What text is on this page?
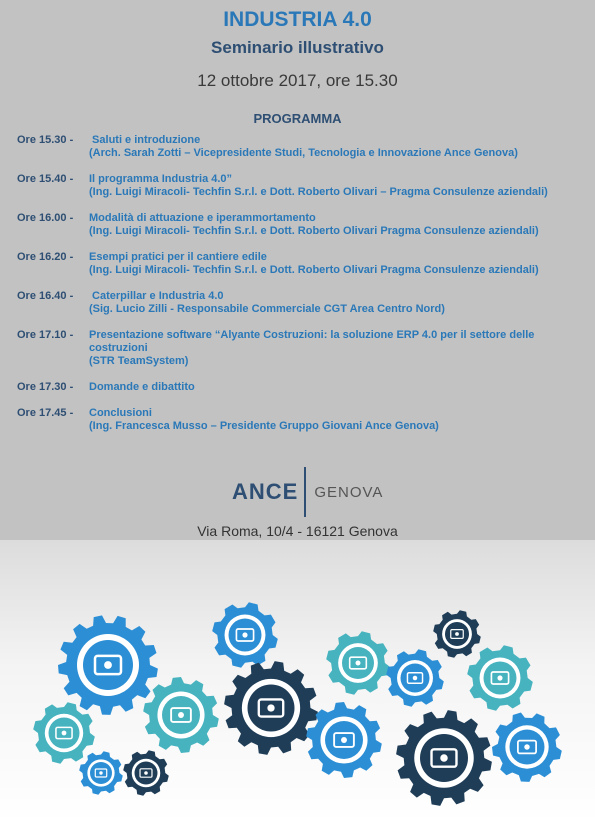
INDUSTRIA 4.0
Seminario illustrativo
12 ottobre 2017, ore 15.30
PROGRAMMA
Ore 15.30 -	Saluti e introduzione
(Arch. Sarah Zotti – Vicepresidente Studi, Tecnologia e Innovazione Ance Genova)
Ore 15.40 -	Il programma Industria 4.0”
(Ing. Luigi Miracoli- Techfin S.r.l. e Dott. Roberto Olivari – Pragma Consulenze aziendali)
Ore 16.00 -	Modalità di attuazione e iperammortamento
(Ing. Luigi Miracoli- Techfin S.r.l. e Dott. Roberto Olivari Pragma Consulenze aziendali)
Ore 16.20 -	Esempi pratici per il cantiere edile
(Ing. Luigi Miracoli- Techfin S.r.l. e Dott. Roberto Olivari Pragma Consulenze aziendali)
Ore 16.40 -	Caterpillar e Industria 4.0
(Sig. Lucio Zilli - Responsabile Commerciale CGT Area Centro Nord)
Ore 17.10 -	Presentazione software “Alyante Costruzioni: la soluzione ERP 4.0 per il settore delle costruzioni
(STR TeamSystem)
Ore 17.30 -	Domande e dibattito
Ore 17.45 -	Conclusioni
(Ing. Francesca Musso – Presidente Gruppo Giovani Ance Genova)
ANCE GENOVA
Via Roma, 10/4 - 16121 Genova
